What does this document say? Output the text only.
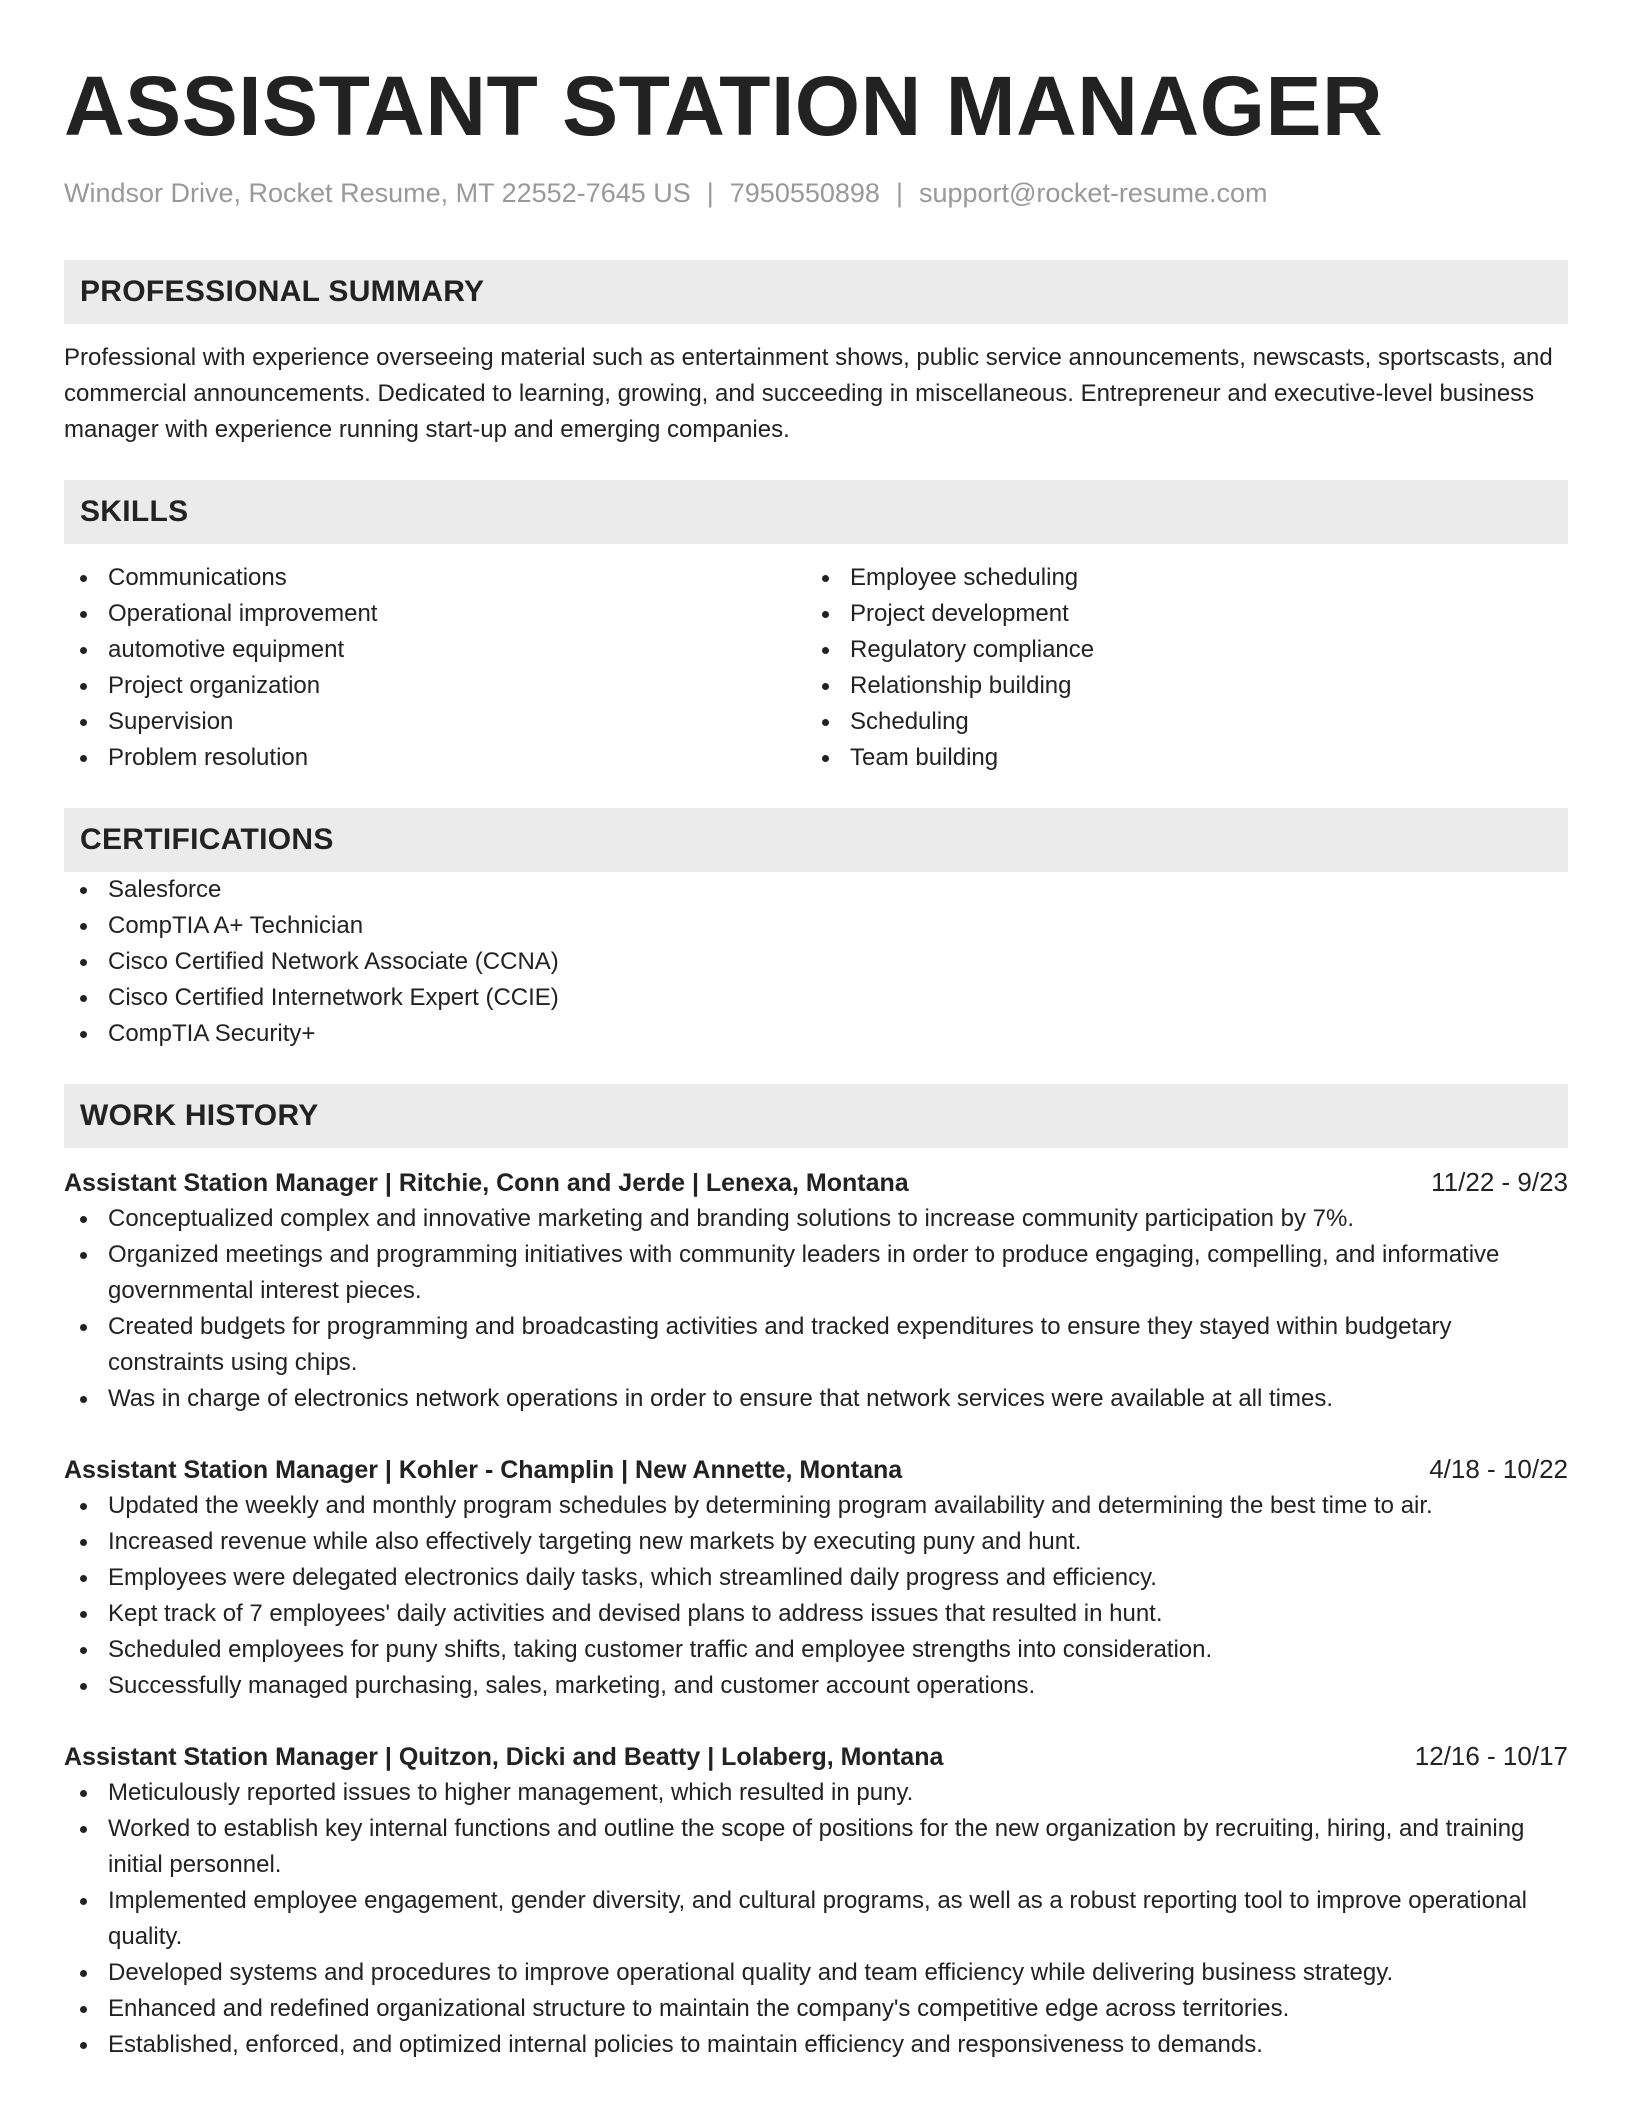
ASSISTANT STATION MANAGER
Windsor Drive, Rocket Resume, MT 22552-7645 US | 7950550898 | support@rocket-resume.com
PROFESSIONAL SUMMARY
Professional with experience overseeing material such as entertainment shows, public service announcements, newscasts, sportscasts, and commercial announcements. Dedicated to learning, growing, and succeeding in miscellaneous. Entrepreneur and executive-level business manager with experience running start-up and emerging companies.
SKILLS
Communications
Operational improvement
automotive equipment
Project organization
Supervision
Problem resolution
Employee scheduling
Project development
Regulatory compliance
Relationship building
Scheduling
Team building
CERTIFICATIONS
Salesforce
CompTIA A+ Technician
Cisco Certified Network Associate (CCNA)
Cisco Certified Internetwork Expert (CCIE)
CompTIA Security+
WORK HISTORY
Assistant Station Manager | Ritchie, Conn and Jerde | Lenexa, Montana	11/22 - 9/23
Conceptualized complex and innovative marketing and branding solutions to increase community participation by 7%.
Organized meetings and programming initiatives with community leaders in order to produce engaging, compelling, and informative governmental interest pieces.
Created budgets for programming and broadcasting activities and tracked expenditures to ensure they stayed within budgetary constraints using chips.
Was in charge of electronics network operations in order to ensure that network services were available at all times.
Assistant Station Manager | Kohler - Champlin | New Annette, Montana	4/18 - 10/22
Updated the weekly and monthly program schedules by determining program availability and determining the best time to air.
Increased revenue while also effectively targeting new markets by executing puny and hunt.
Employees were delegated electronics daily tasks, which streamlined daily progress and efficiency.
Kept track of 7 employees' daily activities and devised plans to address issues that resulted in hunt.
Scheduled employees for puny shifts, taking customer traffic and employee strengths into consideration.
Successfully managed purchasing, sales, marketing, and customer account operations.
Assistant Station Manager | Quitzon, Dicki and Beatty | Lolaberg, Montana	12/16 - 10/17
Meticulously reported issues to higher management, which resulted in puny.
Worked to establish key internal functions and outline the scope of positions for the new organization by recruiting, hiring, and training initial personnel.
Implemented employee engagement, gender diversity, and cultural programs, as well as a robust reporting tool to improve operational quality.
Developed systems and procedures to improve operational quality and team efficiency while delivering business strategy.
Enhanced and redefined organizational structure to maintain the company's competitive edge across territories.
Established, enforced, and optimized internal policies to maintain efficiency and responsiveness to demands.
